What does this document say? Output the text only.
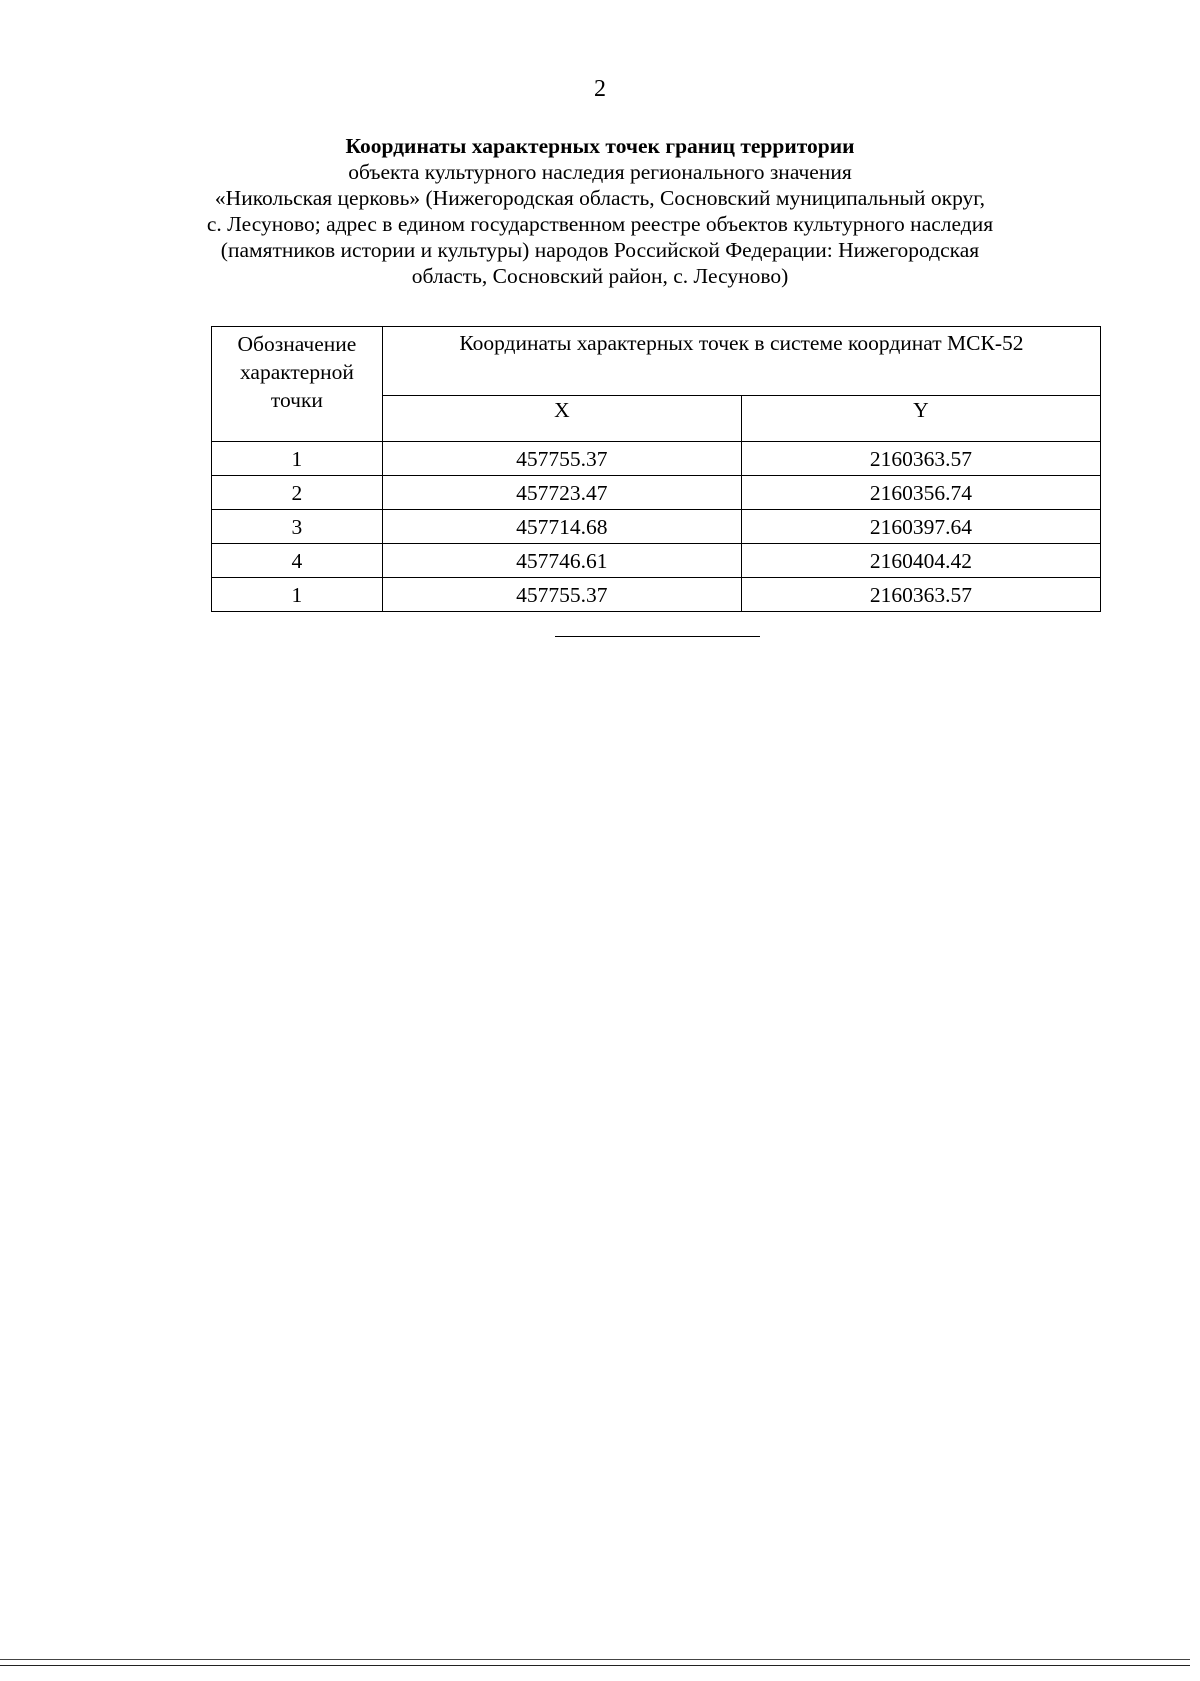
2
Координаты характерных точек границ территории
объекта культурного наследия регионального значения
«Никольская церковь» (Нижегородская область, Сосновский муниципальный округ,
с. Лесуново; адрес в едином государственном реестре объектов культурного наследия
(памятников истории и культуры) народов Российской Федерации: Нижегородская
область, Сосновский район, с. Лесуново)
Обозначение
характерной
точки	Координаты характерных точек в системе координат МСК-52	
	X	Y
1	457755.37	2160363.57
2	457723.47	2160356.74
3	457714.68	2160397.64
4	457746.61	2160404.42
1	457755.37	2160363.57
